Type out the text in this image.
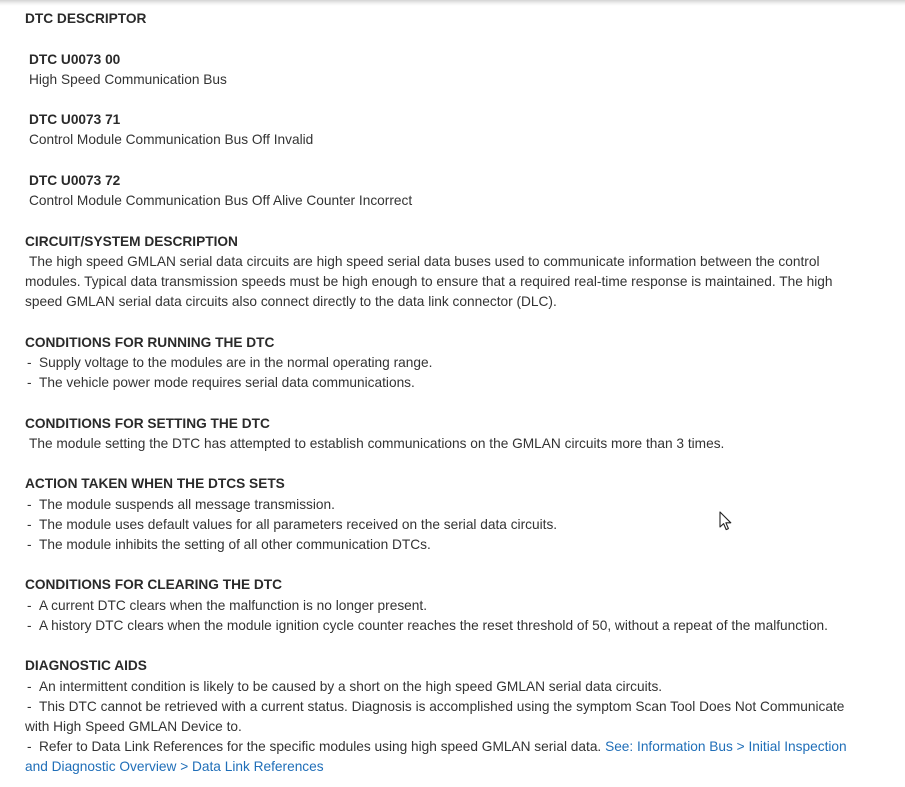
DTC DESCRIPTOR
DTC U0073 00
High Speed Communication Bus
DTC U0073 71
Control Module Communication Bus Off Invalid
DTC U0073 72
Control Module Communication Bus Off Alive Counter Incorrect
CIRCUIT/SYSTEM DESCRIPTION
The high speed GMLAN serial data circuits are high speed serial data buses used to communicate information between the control
modules. Typical data transmission speeds must be high enough to ensure that a required real-time response is maintained. The high
speed GMLAN serial data circuits also connect directly to the data link connector (DLC).
CONDITIONS FOR RUNNING THE DTC
- Supply voltage to the modules are in the normal operating range.
- The vehicle power mode requires serial data communications.
CONDITIONS FOR SETTING THE DTC
The module setting the DTC has attempted to establish communications on the GMLAN circuits more than 3 times.
ACTION TAKEN WHEN THE DTCS SETS
- The module suspends all message transmission.
- The module uses default values for all parameters received on the serial data circuits.
- The module inhibits the setting of all other communication DTCs.
CONDITIONS FOR CLEARING THE DTC
- A current DTC clears when the malfunction is no longer present.
- A history DTC clears when the module ignition cycle counter reaches the reset threshold of 50, without a repeat of the malfunction.
DIAGNOSTIC AIDS
- An intermittent condition is likely to be caused by a short on the high speed GMLAN serial data circuits.
- This DTC cannot be retrieved with a current status. Diagnosis is accomplished using the symptom Scan Tool Does Not Communicate
with High Speed GMLAN Device to.
- Refer to Data Link References for the specific modules using high speed GMLAN serial data. See: Information Bus > Initial Inspection
and Diagnostic Overview > Data Link References
